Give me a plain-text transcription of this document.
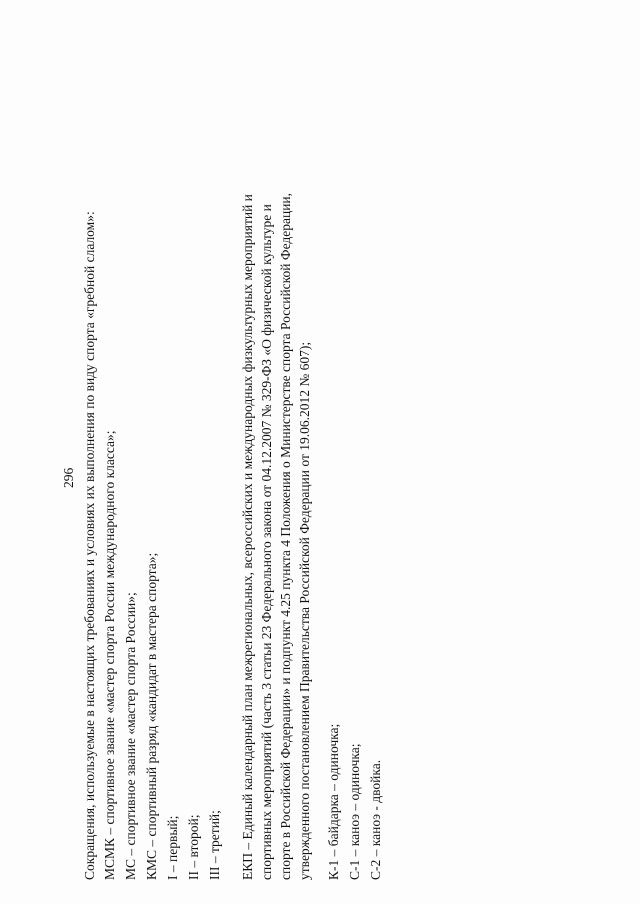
296 Сокращения, используемые в настоящих требованиях и условиях их выполнения по виду спорта «гребной слалом»: МСМК – спортивное звание «мастер спорта России международного класса»; МС – спортивное звание «мастер спорта России»; КМС – спортивный разряд «кандидат в мастера спорта»; I – первый; II – второй; III – третий; ЕКП – Единый календарный план межрегиональных, всероссийских и международных физкультурных мероприятий и спортивных мероприятий (часть 3 статьи 23 Федерального закона от 04.12.2007 № 329-ФЗ «О физической культуре и спорте в Российской Федерации» и подпункт 4.25 пункта 4 Положения о Министерстве спорта Российской Федерации, утвержденного постановлением Правительства Российской Федерации от 19.06.2012 № 607); К-1 – байдарка – одиночка; С-1 – каноэ – одиночка; С-2 – каноэ - двойка.
